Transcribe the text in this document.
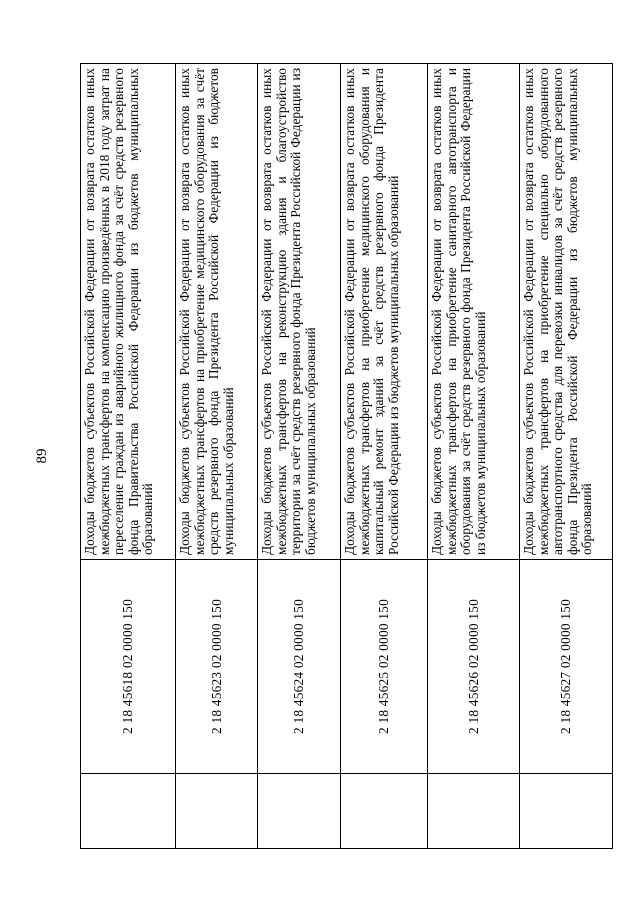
89
	2 18 45618 02 0000 150	Доходы бюджетов субъектов Российской Федерации от возврата остатков иных межбюджетных трансфертов на компенсацию произведённых в 2018 году затрат на переселение граждан из аварийного жилищного фонда за счёт средств резервного фонда Правительства Российской Федерации из бюджетов муниципальных образований
	2 18 45623 02 0000 150	Доходы бюджетов субъектов Российской Федерации от возврата остатков иных межбюджетных трансфертов на приобретение медицинского оборудования за счёт средств резервного фонда Президента Российской Федерации из бюджетов муниципальных образований
	2 18 45624 02 0000 150	Доходы бюджетов субъектов Российской Федерации от возврата остатков иных межбюджетных трансфертов на реконструкцию здания и благоустройство территории за счёт средств резервного фонда Президента Российской Федерации из бюджетов муниципальных образований
	2 18 45625 02 0000 150	Доходы бюджетов субъектов Российской Федерации от возврата остатков иных межбюджетных трансфертов на приобретение медицинского оборудования и капитальный ремонт зданий за счёт средств резервного фонда Президента Российской Федерации из бюджетов муниципальных образований
	2 18 45626 02 0000 150	Доходы бюджетов субъектов Российской Федерации от возврата остатков иных межбюджетных трансфертов на приобретение санитарного автотранспорта и оборудования за счёт средств резервного фонда Президента Российской Федерации из бюджетов муниципальных образований
	2 18 45627 02 0000 150	Доходы бюджетов субъектов Российской Федерации от возврата остатков иных межбюджетных трансфертов на приобретение специально оборудованного автотранспортного средства для перевозки инвалидов за счёт средств резервного фонда Президента Российской Федерации из бюджетов муниципальных образований
